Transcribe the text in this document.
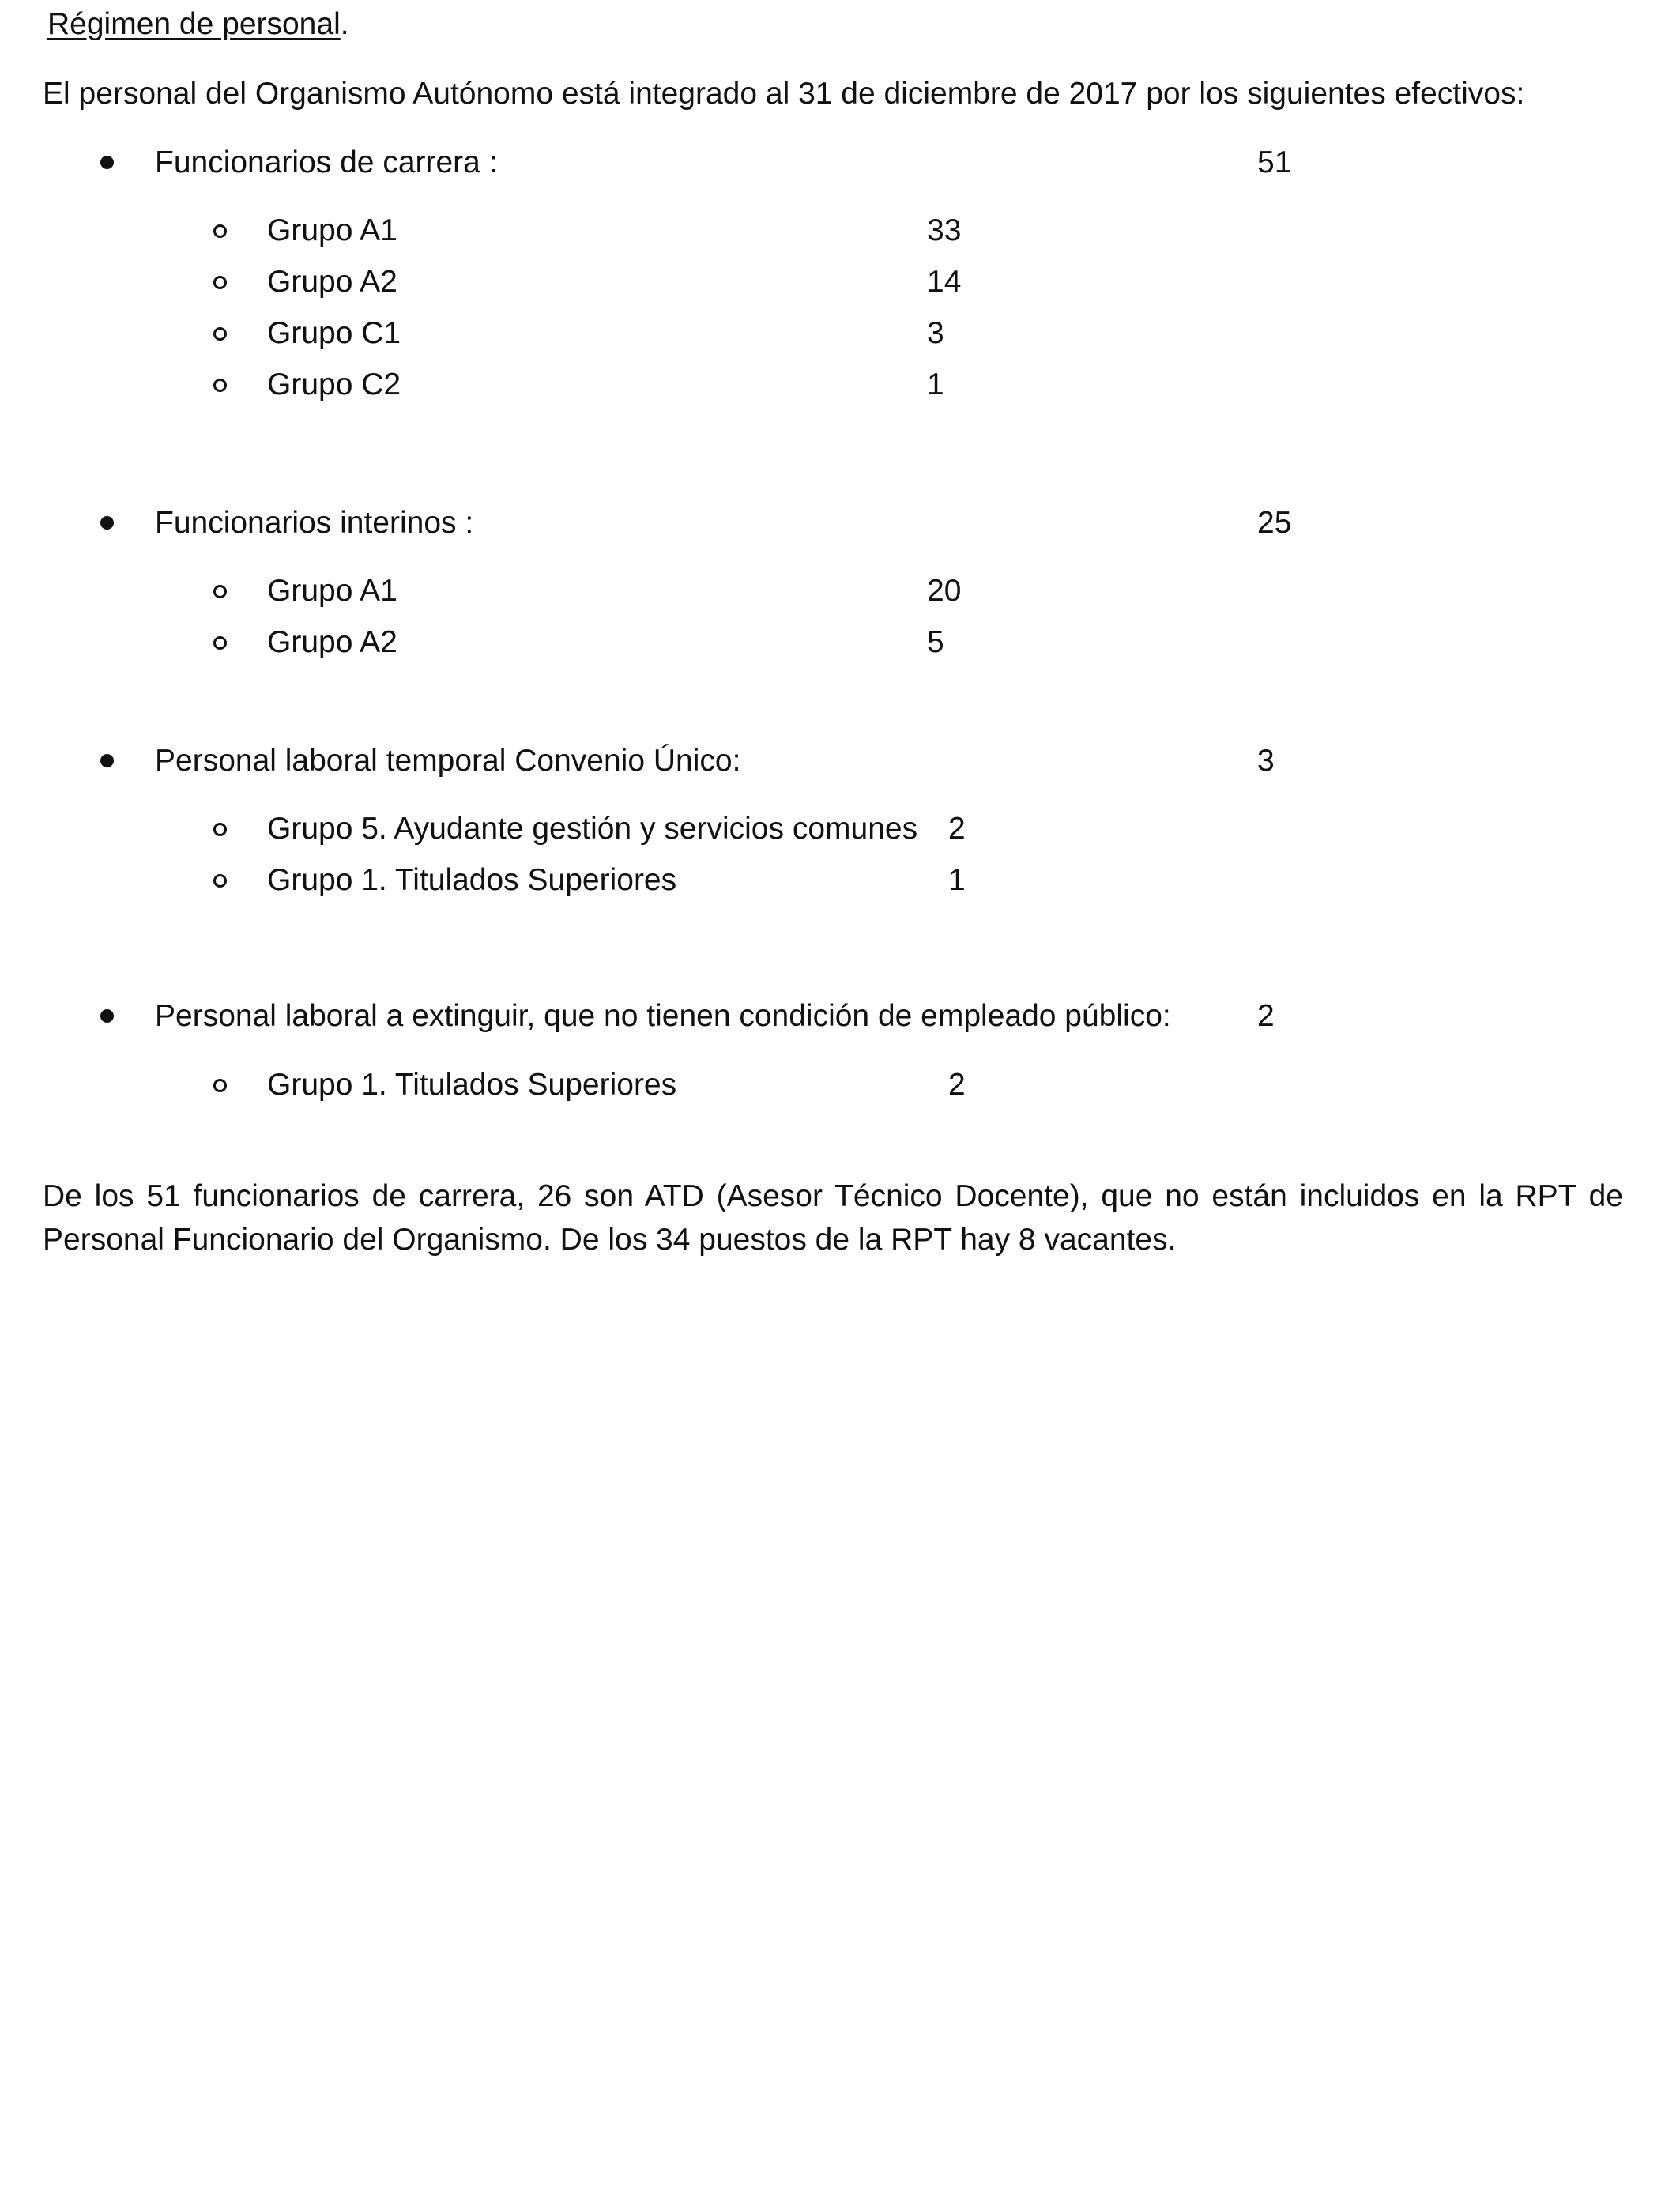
Régimen de personal.
El personal del Organismo Autónomo está integrado al 31 de diciembre de 2017 por los siguientes efectivos:
Funcionarios de carrera :	51
Grupo A1	33
Grupo A2	14
Grupo C1	3
Grupo C2	1
Funcionarios interinos :	25
Grupo A1	20
Grupo A2	5
Personal laboral temporal Convenio Único:	3
Grupo 5. Ayudante gestión y servicios comunes 2
Grupo 1. Titulados Superiores	1
Personal laboral a extinguir, que no tienen condición de empleado público:	2
Grupo 1. Titulados Superiores	2
De los 51 funcionarios de carrera, 26 son ATD (Asesor Técnico Docente), que no están incluidos en la RPT de Personal Funcionario del Organismo. De los 34 puestos de la RPT hay 8 vacantes.
